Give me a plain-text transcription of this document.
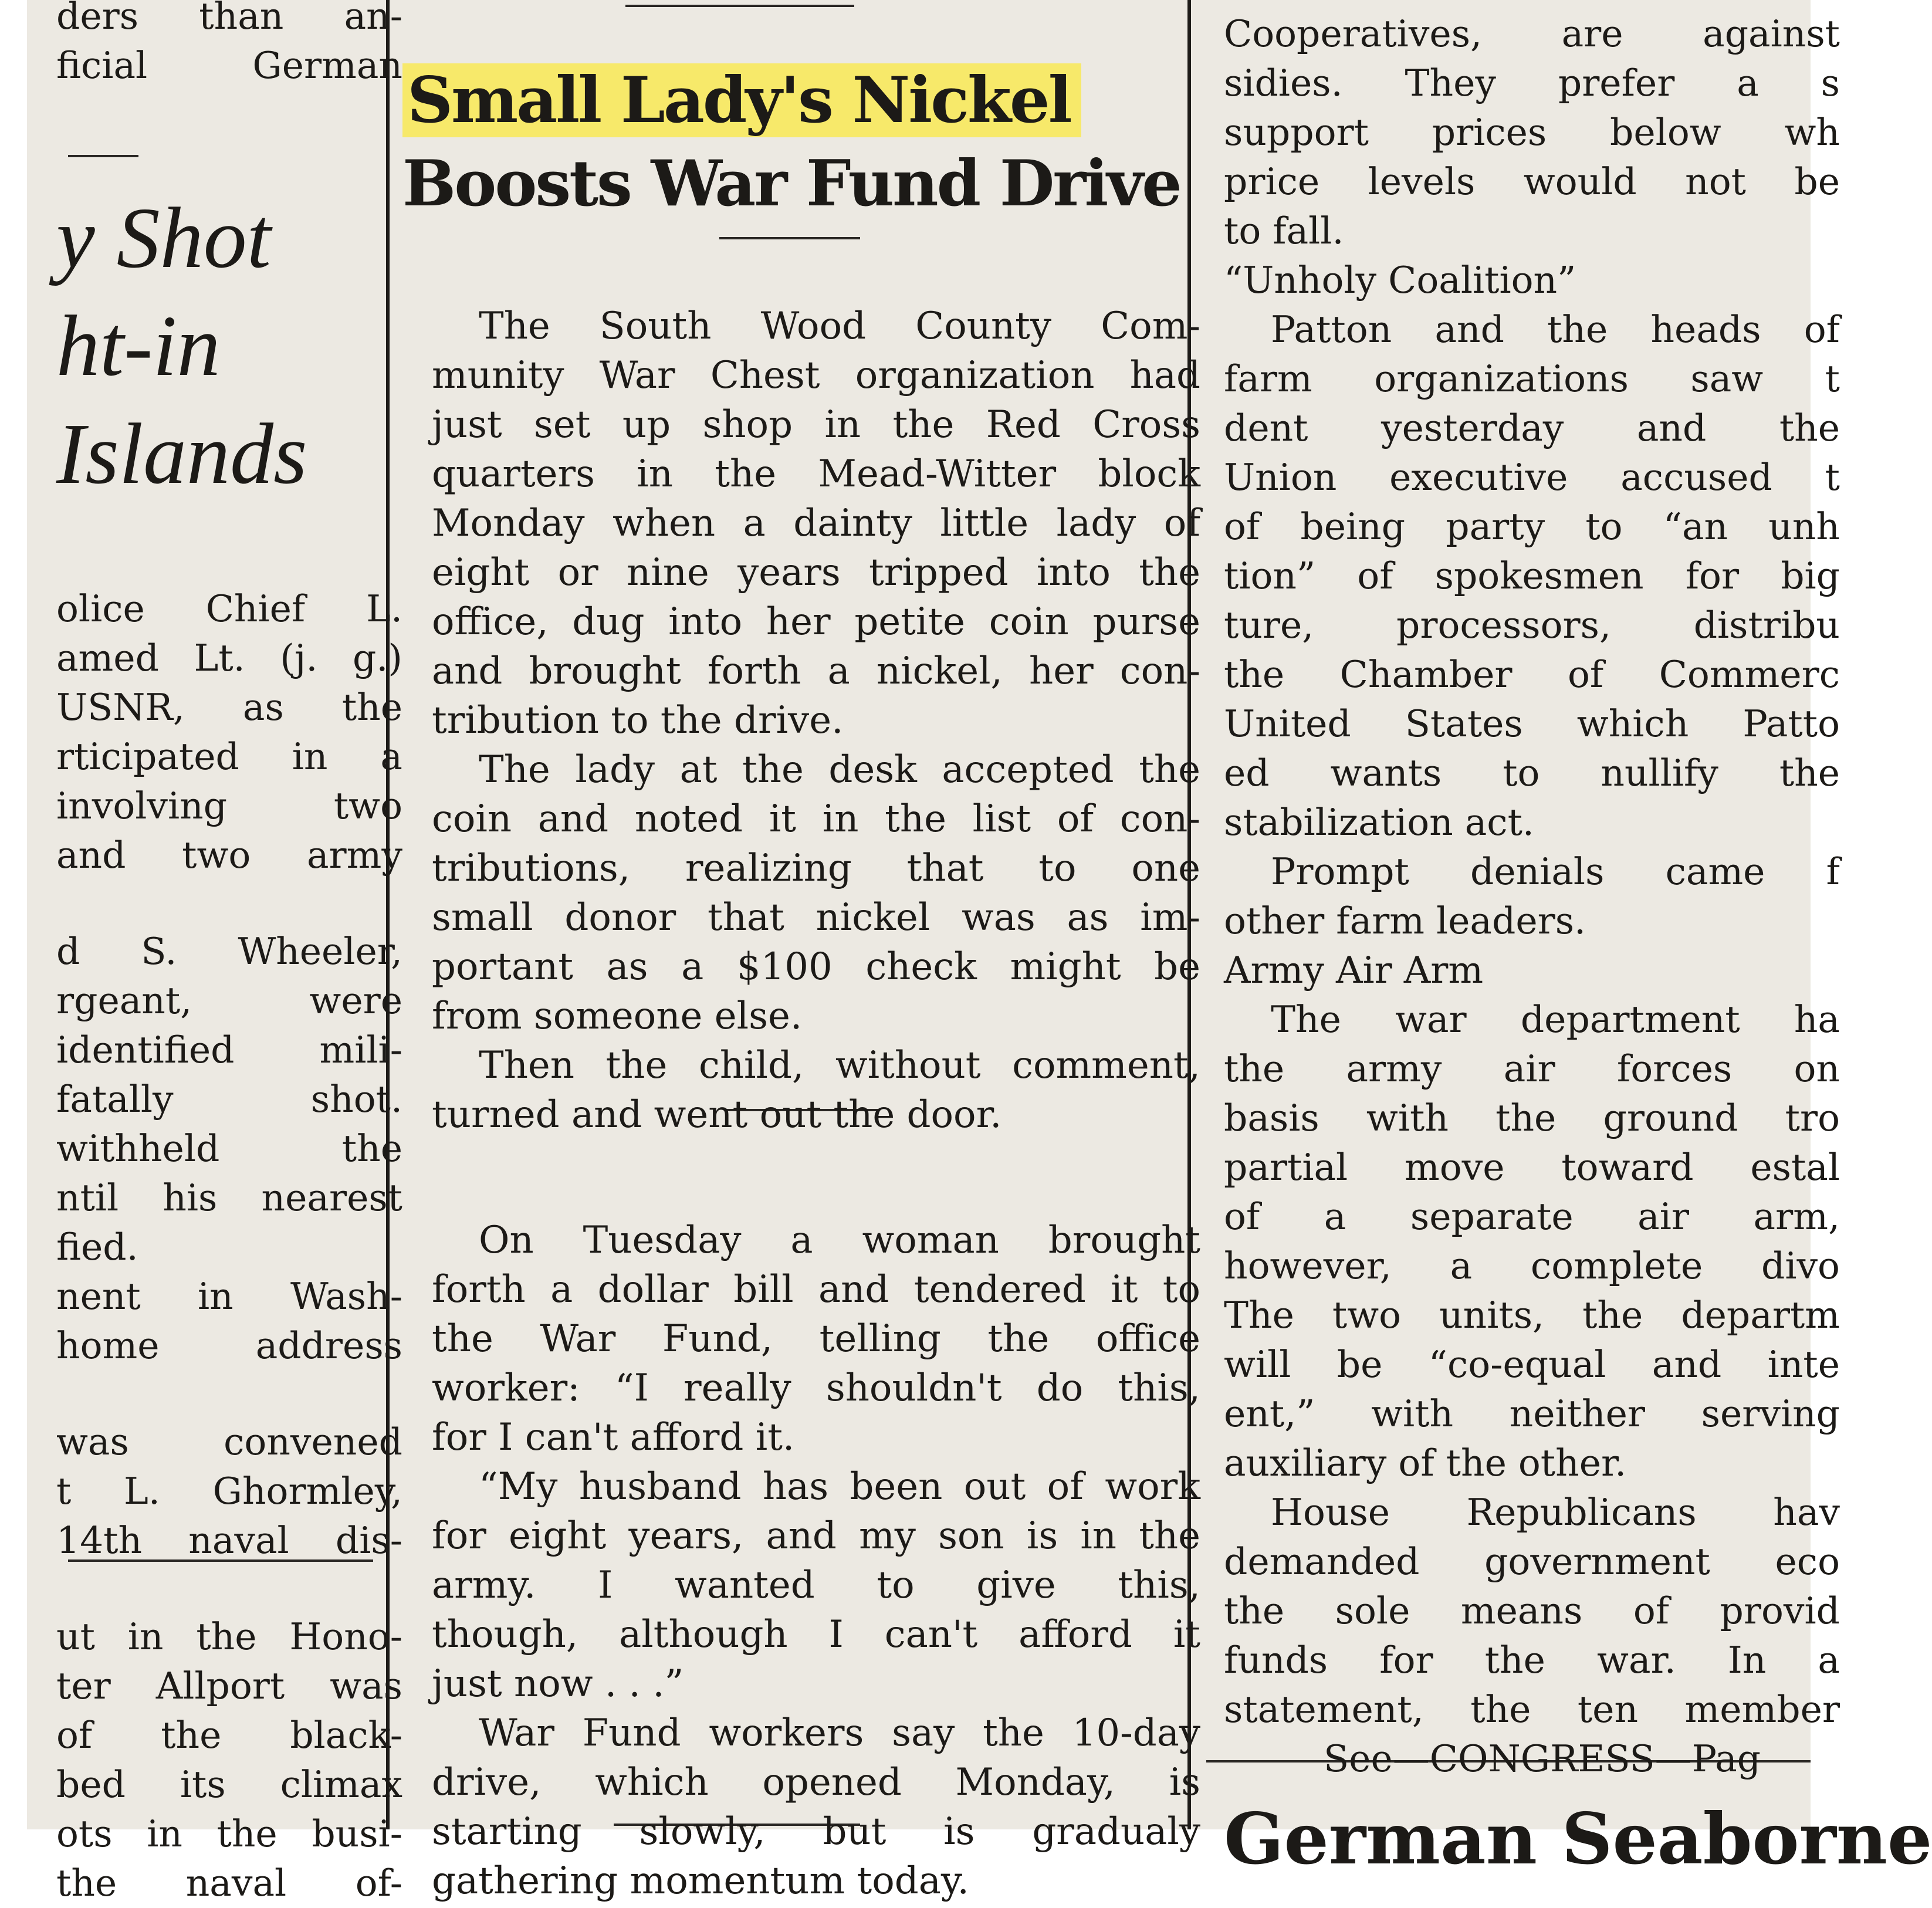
ders than an-

ficial German

y Shot

ht-in

Islands

olice Chief L.

amed Lt. (j. g.)

USNR, as the

rticipated in a

involving two

and two army

d S. Wheeler,

rgeant, were

identified mili-

fatally shot.

withheld the

ntil his nearest

fied.

nent in Wash-

home address

was convened

t L. Ghormley,

14th naval dis-

ut in the Hono-

ter Allport was

of the black-

bed its climax

ots in the busi-

the naval of-

Small Lady's Nickel

Boosts War Fund Drive

The South Wood County Com-

munity War Chest organization had

just set up shop in the Red Cross

quarters in the Mead-Witter block

Monday when a dainty little lady of

eight or nine years tripped into the

office, dug into her petite coin purse

and brought forth a nickel, her con-

tribution to the drive.

The lady at the desk accepted the

coin and noted it in the list of con-

tributions, realizing that to one

small donor that nickel was as im-

portant as a $100 check might be

from someone else.

Then the child, without comment,

turned and went out the door.

On Tuesday a woman brought

forth a dollar bill and tendered it to

the War Fund, telling the office

worker: “I really shouldn't do this,

for I can't afford it.

“My husband has been out of work

for eight years, and my son is in the

army. I wanted to give this,

though, although I can't afford it

just now . . .”

War Fund workers say the 10-day

drive, which opened Monday, is

starting slowly, but is gradualy

gathering momentum today.

Cooperatives, are against

sidies. They prefer a s

support prices below wh

price levels would not be

to fall.

“Unholy Coalition”

Patton and the heads of

farm organizations saw t

dent yesterday and the

Union executive accused t

of being party to “an unh

tion” of spokesmen for big

ture, processors, distribu

the Chamber of Commerc

United States which Patto

ed wants to nullify the

stabilization act.

Prompt denials came f

other farm leaders.

Army Air Arm

The war department ha

the army air forces on

basis with the ground tro

partial move toward estal

of a separate air arm,

however, a complete divo

The two units, the departm

will be “co-equal and inte

ent,” with neither serving

auxiliary of the other.

House Republicans hav

demanded government eco

the sole means of provid

funds for the war. In a

statement, the ten member

See—CONGRESS—Pag

German Seaborne
